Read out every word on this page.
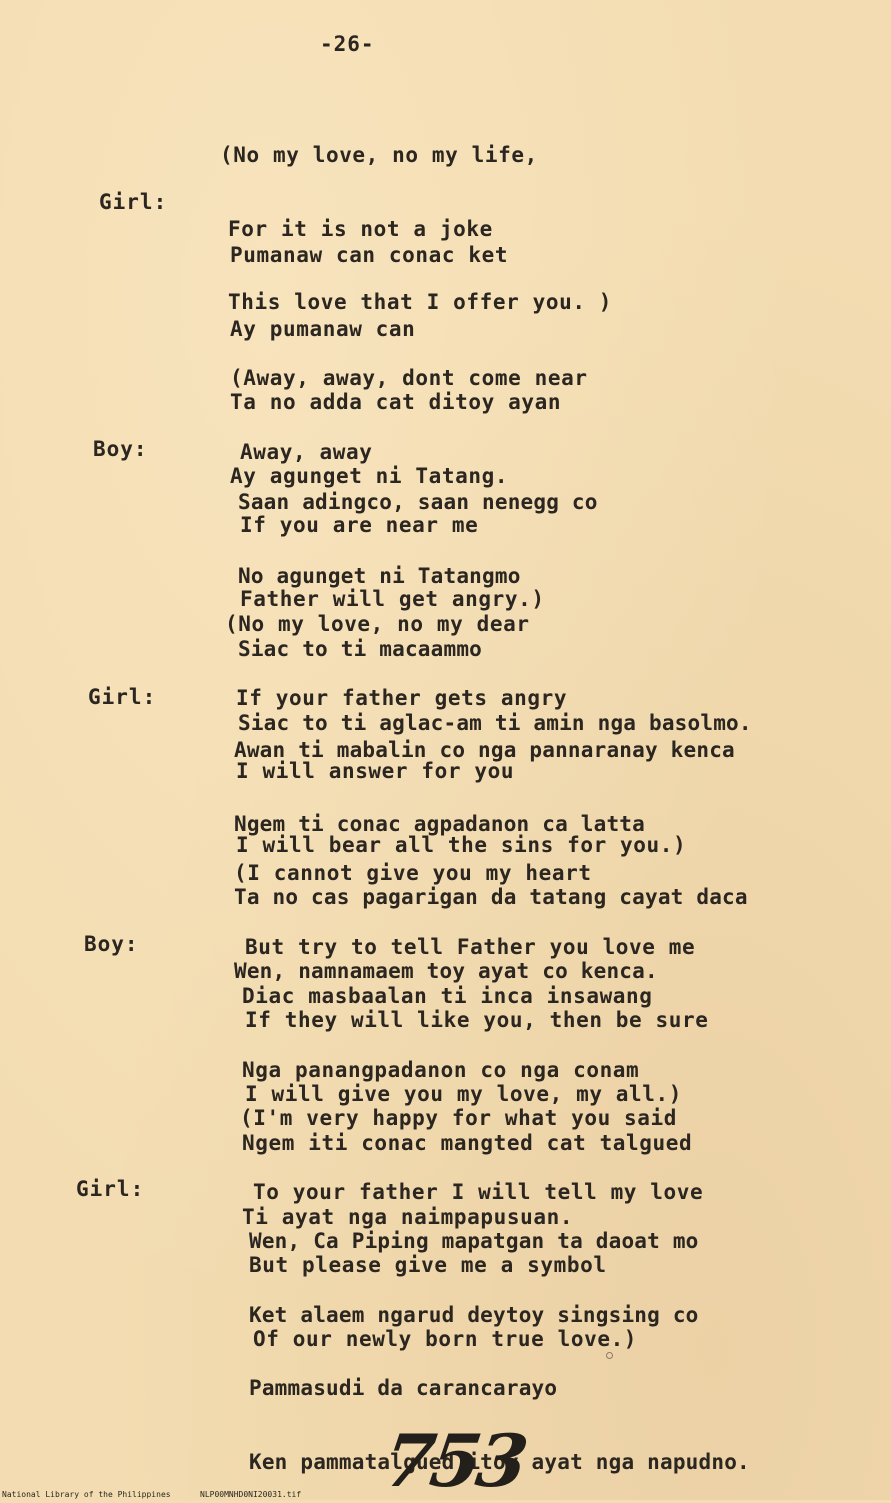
-26-

(No my love, no my life,

For it is not a joke

This love that I offer you. )

Girl:

Pumanaw can conac ket

Ay pumanaw can

Ta no adda cat ditoy ayan

Ay agunget ni Tatang.

(Away, away, dont come near

Away, away

If you are near me

Father will get angry.)

Boy:

Saan adingco, saan nenegg co

No agunget ni Tatangmo

Siac to ti macaammo

Siac to ti aglac-am ti amin nga basolmo.

(No my love, no my dear

If your father gets angry

I will answer for you

I will bear all the sins for you.)

Girl:

Awan ti mabalin co nga pannaranay kenca

Ngem ti conac agpadanon ca latta

Ta no cas pagarigan da tatang cayat daca

Wen, namnamaem toy ayat co kenca.

(I cannot give you my heart

But try to tell Father you love me

If they will like you, then be sure

I will give you my love, my all.)

Boy:

Diac masbaalan ti inca insawang

Nga panangpadanon co nga conam

Ngem iti conac mangted cat talgued

Ti ayat nga naimpapusuan.

(I'm very happy for what you said

To your father I will tell my love

But please give me a symbol

Of our newly born true love.)

Girl:

Wen, Ca Piping mapatgan ta daoat mo

Ket alaem ngarud deytoy singsing co

Pammasudi da carancarayo

Ken pammatalgued itoy ayat nga napudno.

753
National Library of the Philippines	NLP00MNHD0NI20031.tif
